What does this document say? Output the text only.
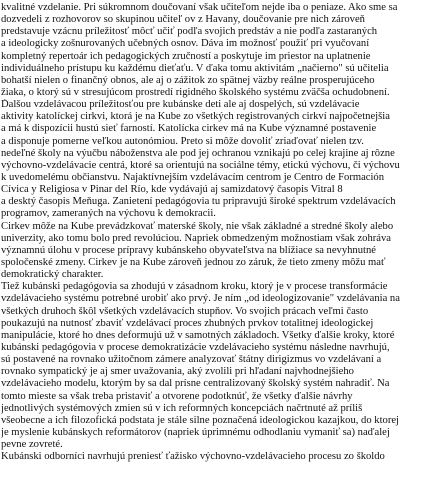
kvalitné vzdelanie. Pri súkromnom doučovaní však učiteľom nejde iba o peniaze. Ako sme sa
dozvedeli z rozhovorov so skupinou učiteľ ov z Havany, doučovanie pre nich zároveň
predstavuje vzácnu príležitosť môcť učiť podľa svojich predstáv a nie podľa zastaraných
a ideologicky zošnurovaných učebných osnov. Dáva im možnosť použiť pri vyučovaní
kompletný repertoár ich pedagogických zručností a poskytuje im priestor na uplatnenie
individuálneho prístupu ku každému dieťaťu. V ďaka tomu aktivitám „načierno" sú učitelia
bohatší nielen o finančný obnos, ale aj o zážitok zo spätnej väzby reálne prosperujúceho
žiaka, o ktorý sú v stresujúcom prostredí rigidného školského systému zväčša ochudobnení.
Ďalšou vzdelávacou príležitosťou pre kubánske deti ale aj dospelých, sú vzdelávacie
aktivity katolíckej cirkvi, ktorá je na Kube zo všetkých registrovaných cirkví najpočetnejšia
a má k dispozícii hustú sieť farností. Katolícka cirkev má na Kube významné postavenie
a disponuje pomerne veľkou autonómiou. Preto si môže dovoliť zriaďovať nielen tzv.
nedeľné školy na výučbu náboženstva ale pod jej ochranou vznikajú po celej krajine aj rôzne
výchovno-vzdelávacie centrá, ktoré sa orientujú na sociálne témy, etickú výchovu, či výchovu
k uvedomelému občianstvu. Najaktívnejším vzdelávacím centrom je Centro de Formación
Cívica y Religiosa v Pinar del Río, kde vydávajú aj samizdatový časopis Vitral 8
a desktý časopis Meňuga. Zanietení pedagógovia tu pripravujú široké spektrum vzdelávacích
programov, zameraných na výchovu k demokracii.
Cirkev môže na Kube prevádzkovať materské školy, nie však základné a stredné školy alebo
univerzity, ako tomu bolo pred revolúciou. Napriek obmedzeným možnostiam však zohráva
významnú úlohu v procese prípravy kubánskeho obyvateľstva na blížiace sa nevyhnutné
spoločenské zmeny. Cirkev je na Kube zároveň jednou zo záruk, že tieto zmeny môžu mať
demokratický charakter.
Tiež kubánski pedagógovia sa zhodujú v zásadnom kroku, ktorý je v procese transformácie
vzdelávacieho systému potrebné urobiť ako prvý. Je ním „od ideologizovanie" vzdelávania na
všetkých druhoch škôl všetkých vzdelávacích stupňov. Vo svojich prácach veľmi často
poukazujú na nutnosť zbaviť vzdelávací proces zhubných prvkov totalitnej ideologickej
manipulácie, ktoré ho dnes deformujú už v samotných základoch. Všetky ďalšie kroky, ktoré
kubánski pedagógovia v procese demokratizácie vzdelávacieho systému následne navrhujú,
sú postavené na rovnako užitočnom zámere analyzovať štátny dirigizmus vo vzdelávaní a
rovnako sympatický je aj smer uvažovania, aký zvolili pri hľadaní najvhodnejšieho
vzdelávacieho modelu, ktorým by sa dal prísne centralizovaný školský systém nahradiť. Na
tomto mieste sa však treba pristaviť a otvorene podotknúť, že všetky ďalšie návrhy
jednotlivých systémových zmien sú v ich reformných koncepciách načrtnuté až príliš
všeobecne a ich filozofická podstata je stále silne poznačená ideologickou kazajkou, do ktorej
je myslenie kubánskych reformátorov (napriek úprimnému odhodlaniu vymaniť sa) naďalej
pevne zovreté.
Kubánski odborníci navrhujú preniesť ťažisko výchovno-vzdelávacieho procesu zo školdo
